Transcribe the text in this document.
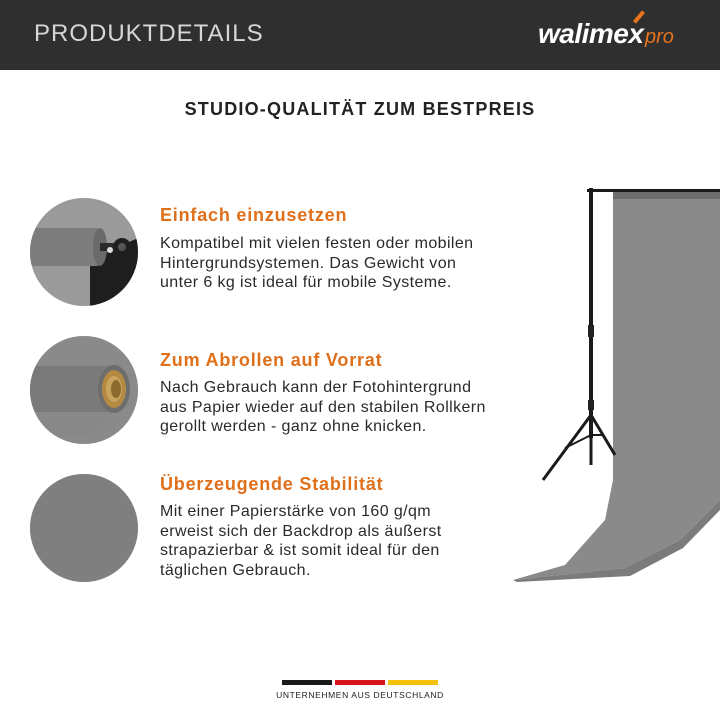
PRODUKTDETAILS	walimex
pro
STUDIO-QUALITÄT ZUM BESTPREIS
Einfach einzusetzen
Kompatibel mit vielen festen oder mobilen
Hintergrundsystemen. Das Gewicht von
unter 6 kg ist ideal für mobile Systeme.
Zum Abrollen auf Vorrat
Nach Gebrauch kann der Fotohintergrund
aus Papier wieder auf den stabilen Rollkern
gerollt werden - ganz ohne knicken.
Überzeugende Stabilität
Mit einer Papierstärke von 160 g/qm
erweist sich der Backdrop als äußerst
strapazierbar & ist somit ideal für den
täglichen Gebrauch.
UNTERNEHMEN AUS DEUTSCHLAND
